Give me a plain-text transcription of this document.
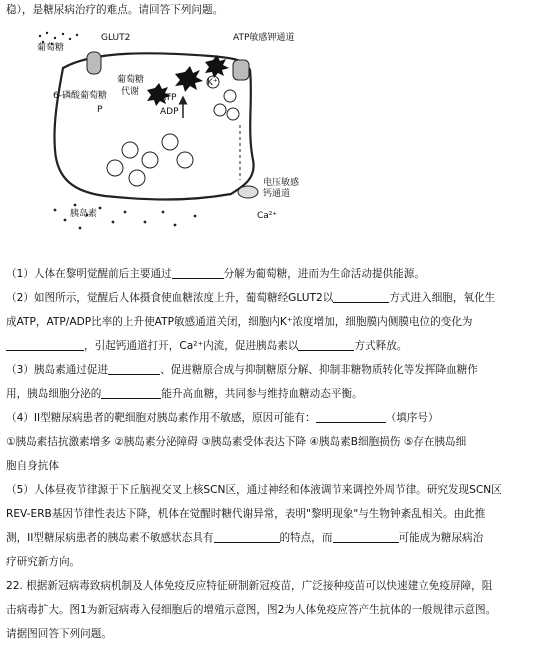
稳），是糖尿病治疗的难点。请回答下列问题。
葡萄糖
GLUT2	ATP敏感钾通道
葡萄糖
代谢
6-磷酸葡萄糖
P
ATP
ADP
K⁺
电压敏感
钙通道
胰岛素	Ca²⁺
（1）人体在黎明觉醒前后主要通过	分解为葡萄糖，进而为生命活动提供能源。
（2）如图所示，觉醒后人体摄食使血糖浓度上升，葡萄糖经GLUT2以	方式进入细胞，氧化生
成ATP，ATP/ADP比率的上升使ATP敏感通道关闭，细胞内K⁺浓度增加，细胞膜内侧膜电位的变化为
，引起钙通道打开，Ca²⁺内流，促进胰岛素以	方式释放。
（3）胰岛素通过促进	、促进糖原合成与抑制糖原分解、抑制非糖物质转化等发挥降血糖作
用，胰岛细胞分泌的	能升高血糖，共同参与维持血糖动态平衡。
（4）II型糖尿病患者的靶细胞对胰岛素作用不敏感，原因可能有：	（填序号）
①胰岛素拮抗激素增多 ②胰岛素分泌障碍 ③胰岛素受体表达下降 ④胰岛素B细胞损伤 ⑤存在胰岛细
胞自身抗体
（5）人体昼夜节律源于下丘脑视交叉上核SCN区，通过神经和体液调节来调控外周节律。研究发现SCN区
REV-ERB基因节律性表达下降，机体在觉醒时糖代谢异常，表明"黎明现象"与生物钟紊乱相关。由此推
测，II型糖尿病患者的胰岛素不敏感状态具有	的特点，而	可能成为糖尿病治
疗研究新方向。
22. 根据新冠病毒致病机制及人体免疫反应特征研制新冠疫苗，广泛接种疫苗可以快速建立免疫屏障，阻
击病毒扩大。图1为新冠病毒入侵细胞后的增殖示意图，图2为人体免疫应答产生抗体的一般规律示意图。
请据图回答下列问题。
